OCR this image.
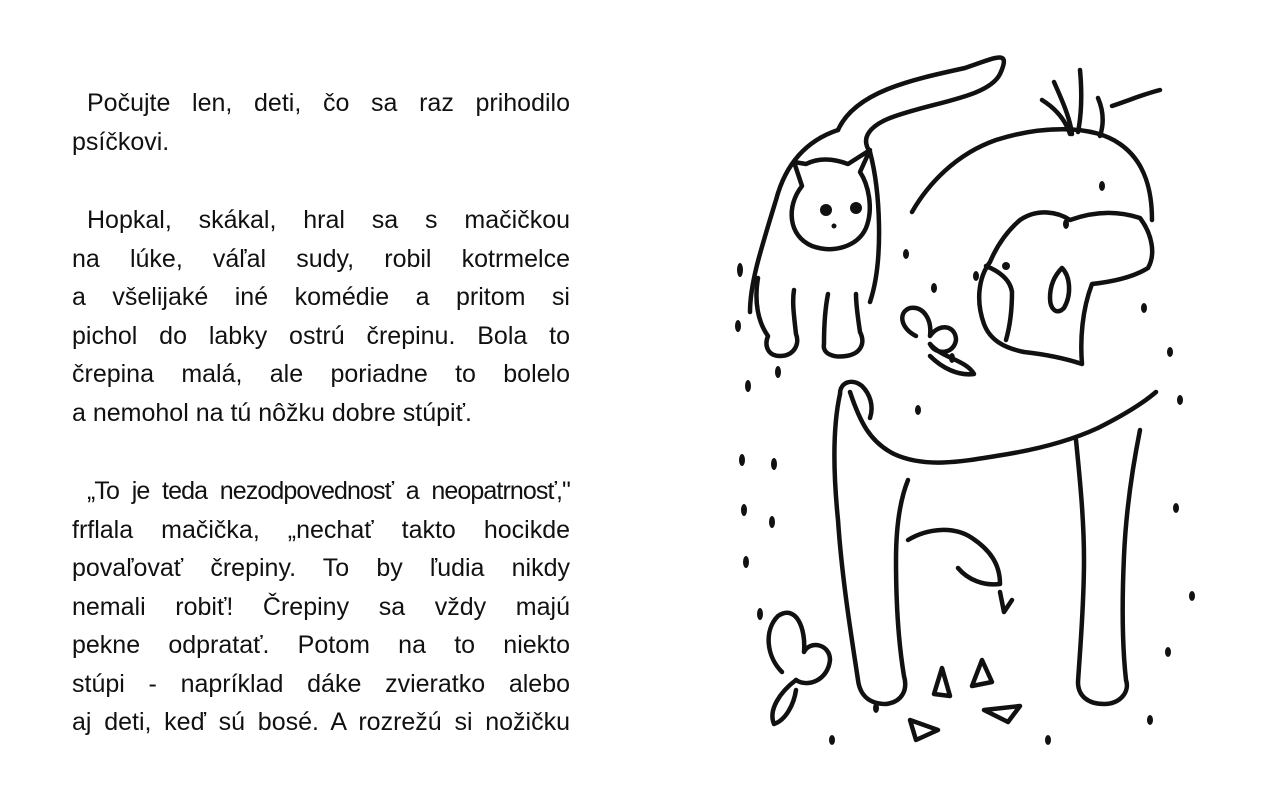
Počujte len, deti, čo sa raz prihodilo
psíčkovi.

Hopkal, skákal, hral sa s mačičkou
na lúke, váľal sudy, robil kotrmelce
a všelijaké iné komédie a pritom si
pichol do labky ostrú črepinu. Bola to
črepina malá, ale poriadne to bolelo
a nemohol na tú nôžku dobre stúpiť.

„To je teda nezodpovednosť a neopatrnosť,"
frflala mačička, „nechať takto hocikde
povaľovať črepiny. To by ľudia nikdy
nemali robiť! Črepiny sa vždy majú
pekne odpratať. Potom na to niekto
stúpi - napríklad dáke zvieratko alebo
aj deti, keď sú bosé. A rozrežú si nožičku
